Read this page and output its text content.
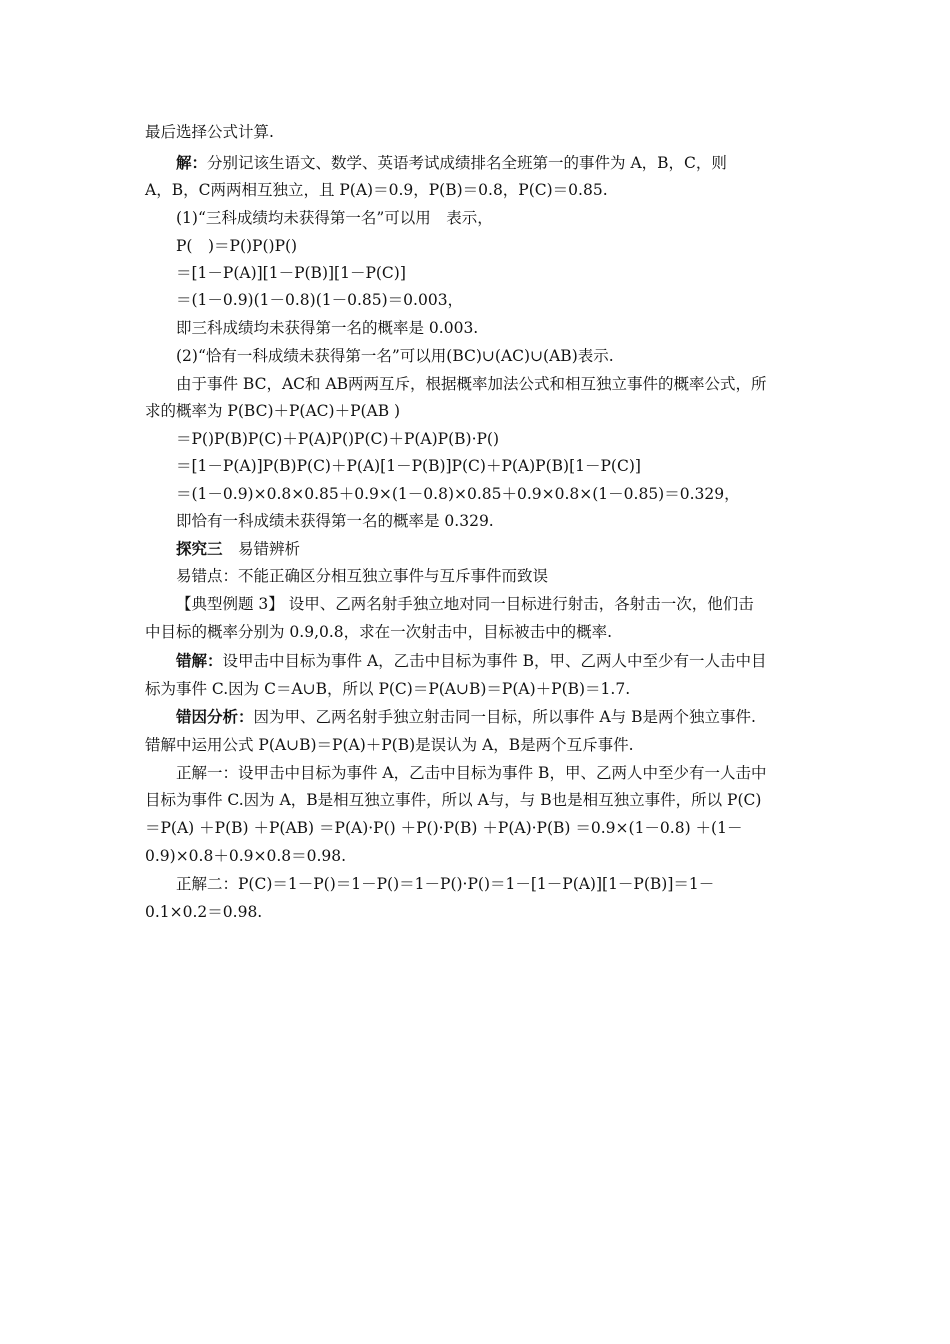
最后选择公式计算.
解：分别记该生语文、数学、英语考试成绩排名全班第一的事件为 A，B，C，则
A，B，C两两相互独立，且 P(A)＝0.9，P(B)＝0.8，P(C)＝0.85.
(1)“三科成绩均未获得第一名”可以用　表示，
P(　)＝P()P()P()
＝[1－P(A)][1－P(B)][1－P(C)]
＝(1－0.9)(1－0.8)(1－0.85)＝0.003，
即三科成绩均未获得第一名的概率是 0.003.
(2)“恰有一科成绩未获得第一名”可以用(BC)∪(AC)∪(AB)表示.
由于事件 BC，AC和 AB两两互斥，根据概率加法公式和相互独立事件的概率公式，所
求的概率为 P(BC)＋P(AC)＋P(AB )
＝P()P(B)P(C)＋P(A)P()P(C)＋P(A)P(B)·P()
＝[1－P(A)]P(B)P(C)＋P(A)[1－P(B)]P(C)＋P(A)P(B)[1－P(C)]
＝(1－0.9)×0.8×0.85＋0.9×(1－0.8)×0.85＋0.9×0.8×(1－0.85)＝0.329，
即恰有一科成绩未获得第一名的概率是 0.329.
探究三　易错辨析
易错点：不能正确区分相互独立事件与互斥事件而致误
【典型例题 3】 设甲、乙两名射手独立地对同一目标进行射击，各射击一次，他们击
中目标的概率分别为 0.9,0.8，求在一次射击中，目标被击中的概率.
错解：设甲击中目标为事件 A，乙击中目标为事件 B，甲、乙两人中至少有一人击中目
标为事件 C.因为 C＝A∪B，所以 P(C)＝P(A∪B)＝P(A)＋P(B)＝1.7.
错因分析：因为甲、乙两名射手独立射击同一目标，所以事件 A与 B是两个独立事件.
错解中运用公式 P(A∪B)＝P(A)＋P(B)是误认为 A，B是两个互斥事件.
正解一：设甲击中目标为事件 A，乙击中目标为事件 B，甲、乙两人中至少有一人击中
目标为事件 C.因为 A，B是相互独立事件，所以 A与，与 B也是相互独立事件，所以 P(C)
＝P(A) ＋P(B) ＋P(AB) ＝P(A)·P() ＋P()·P(B) ＋P(A)·P(B) ＝0.9×(1－0.8) ＋(1－
0.9)×0.8＋0.9×0.8＝0.98.
正解二：P(C)＝1－P()＝1－P()＝1－P()·P()＝1－[1－P(A)][1－P(B)]＝1－
0.1×0.2＝0.98.
